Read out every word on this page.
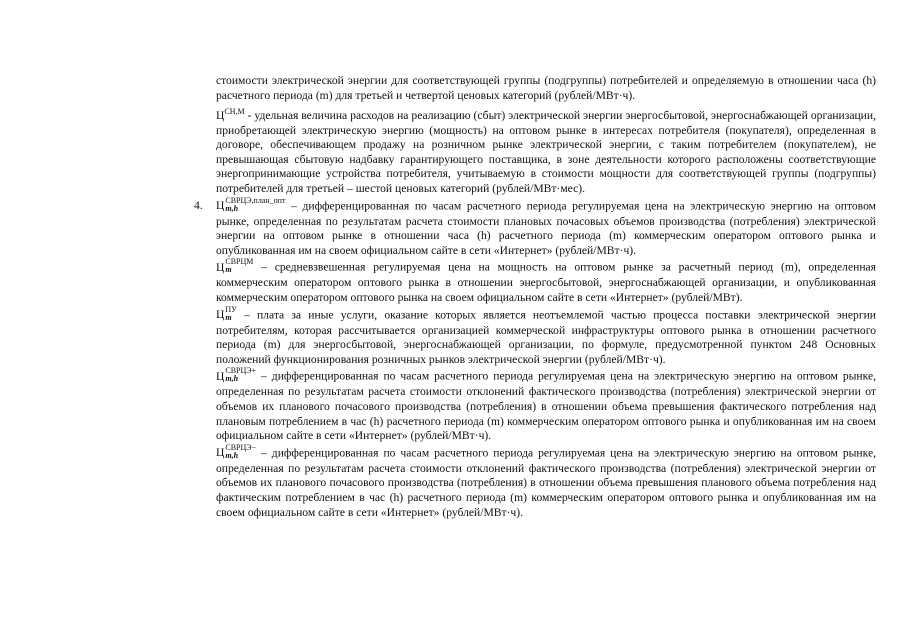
стоимости электрической энергии для соответствующей группы (подгруппы) потребителей и определяемую в отношении часа (h) расчетного периода (m) для третьей и четвертой ценовых категорий (рублей/МВт·ч).

$Ц^{СН,М}$ - удельная величина расходов на реализацию (сбыт) электрической энергии энергосбытовой, энергоснабжающей организации, приобретающей электрическую энергию (мощность) на оптовом рынке в интересах потребителя (покупателя), определенная в договоре, обеспечивающем продажу на розничном рынке электрической энергии, с таким потребителем (покупателем), не превышающая сбытовую надбавку гарантирующего поставщика, в зоне деятельности которого расположены соответствующие энергопринимающие устройства потребителя, учитываемую в стоимости мощности для соответствующей группы (подгруппы) потребителей для третьей – шестой ценовых категорий (рублей/МВт·мес).

4.	Ц СВРЦЭ,план_опт
m,h	– дифференцированная по часам расчетного периода регулируемая цена на электрическую энергию на оптовом рынке, определенная по результатам расчета стоимости плановых почасовых объемов производства (потребления) электрической энергии на оптовом рынке в отношении часа (h) расчетного периода (m) коммерческим оператором оптового рынка и опубликованная им на своем официальном сайте в сети «Интернет» (рублей/МВт·ч).

Ц СВРЦМ
m	– средневзвешенная регулируемая цена на мощность на оптовом рынке за расчетный период (m), определенная коммерческим оператором оптового рынка в отношении энергосбытовой, энергоснабжающей организации, и опубликованная коммерческим оператором оптового рынка на своем официальном сайте в сети «Интернет» (рублей/МВт).

Ц ПУ
m – плата за иные услуги, оказание которых является неотъемлемой частью процесса поставки электрической энергии потребителям, которая рассчитывается организацией коммерческой инфраструктуры оптового рынка в отношении расчетного периода (m) для энергосбытовой, энергоснабжающей организации, по формуле, предусмотренной пунктом 248 Основных положений функционирования розничных рынков электрической энергии (рублей/МВт·ч).

Ц СВРЦЭ+
m,h	– дифференцированная по часам расчетного периода регулируемая цена на электрическую энергию на оптовом рынке, определенная по результатам расчета стоимости отклонений фактического производства (потребления) электрической энергии от объемов их планового почасового производства (потребления) в отношении объема превышения фактического потребления над плановым потреблением в час (h) расчетного периода (m) коммерческим оператором оптового рынка и опубликованная им на своем официальном сайте в сети «Интернет» (рублей/МВт·ч).

Ц СВРЦЭ−
m,h	– дифференцированная по часам расчетного периода регулируемая цена на электрическую энергию на оптовом рынке, определенная по результатам расчета стоимости отклонений фактического производства (потребления) электрической энергии от объемов их планового почасового производства (потребления) в отношении объема превышения планового объема потребления над фактическим потреблением в час (h) расчетного периода (m) коммерческим оператором оптового рынка и опубликованная им на своем официальном сайте в сети «Интернет» (рублей/МВт·ч).
